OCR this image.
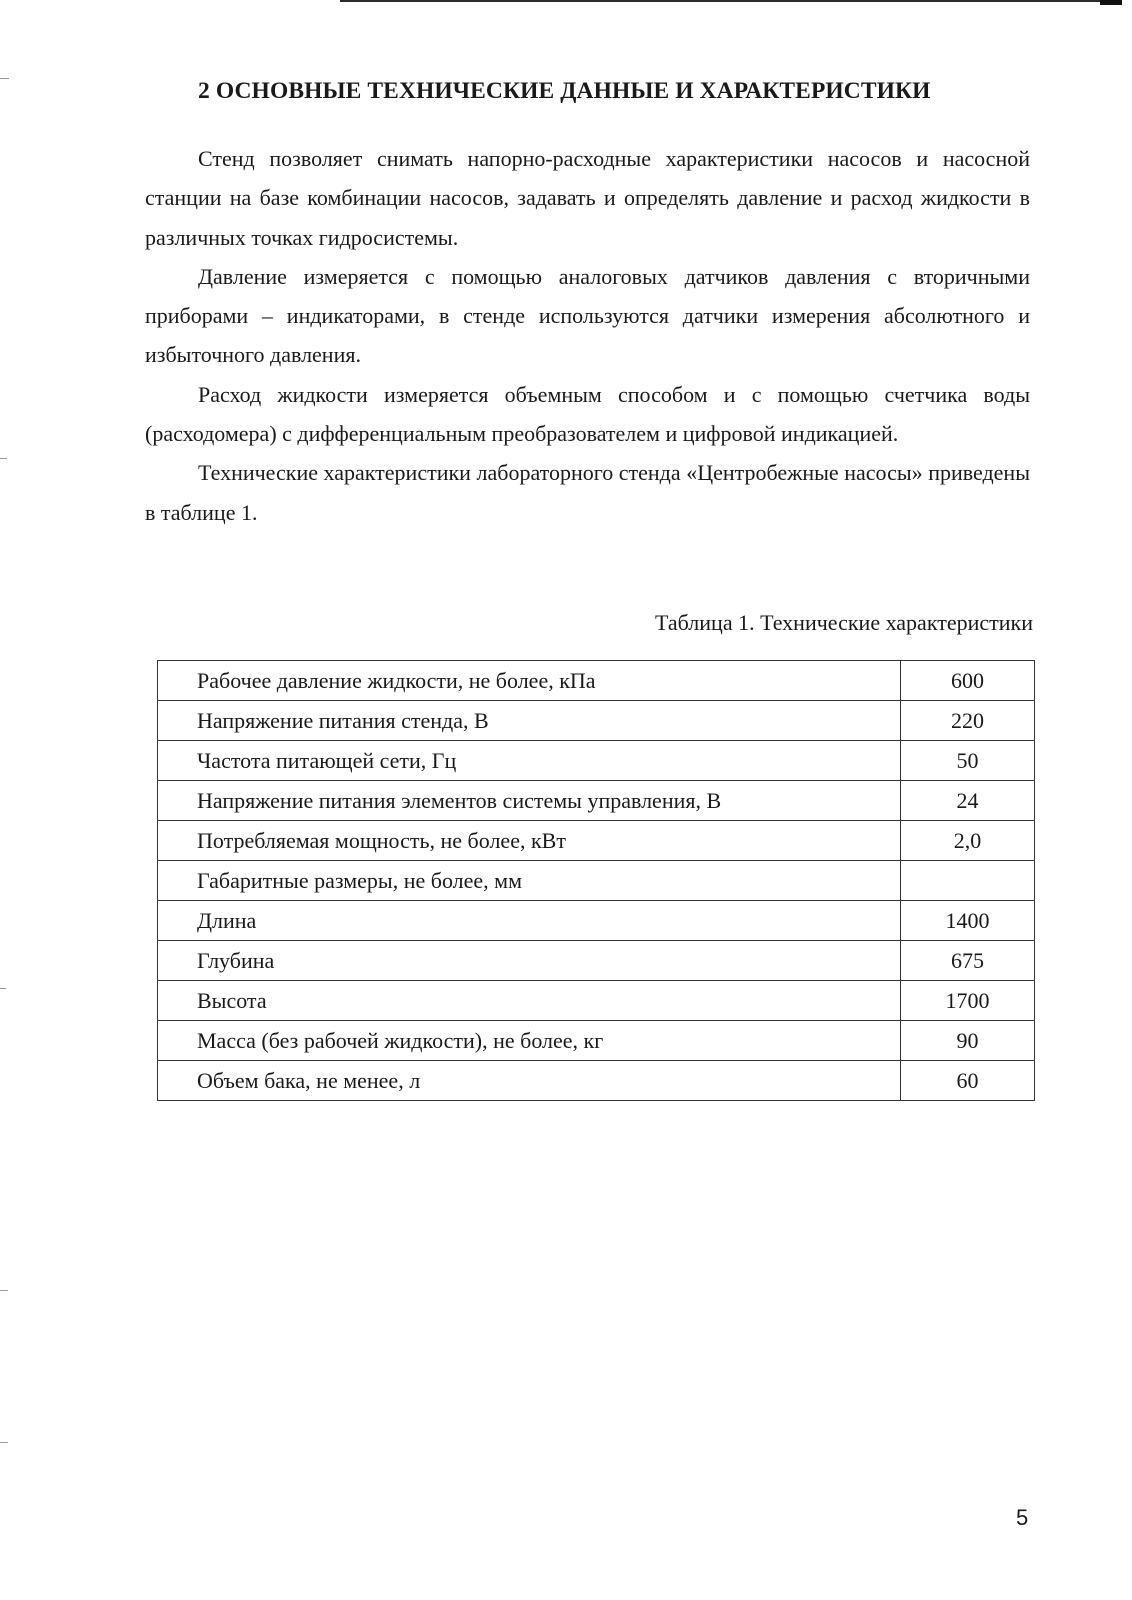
2 ОСНОВНЫЕ ТЕХНИЧЕСКИЕ ДАННЫЕ И ХАРАКТЕРИСТИКИ

Стенд позволяет снимать напорно-расходные характеристики насосов и насосной станции на базе комбинации насосов, задавать и определять давление и расход жидкости в различных точках гидросистемы.

Давление измеряется с помощью аналоговых датчиков давления с вторичными приборами – индикаторами, в стенде используются датчики измерения абсолютного и избыточного давления.

Расход жидкости измеряется объемным способом и с помощью счетчика воды (расходомера) с дифференциальным преобразователем и цифровой индикацией.

Технические характеристики лабораторного стенда «Центробежные насосы» приведены в таблице 1.

Таблица 1. Технические характеристики
Рабочее давление жидкости, не более, кПа	600
Напряжение питания стенда, В	220
Частота питающей сети, Гц	50
Напряжение питания элементов системы управления, В	24
Потребляемая мощность, не более, кВт	2,0
Габаритные размеры, не более, мм	
Длина	1400
Глубина	675
Высота	1700
Масса (без рабочей жидкости), не более, кг	90
Объем бака, не менее, л	60
5
